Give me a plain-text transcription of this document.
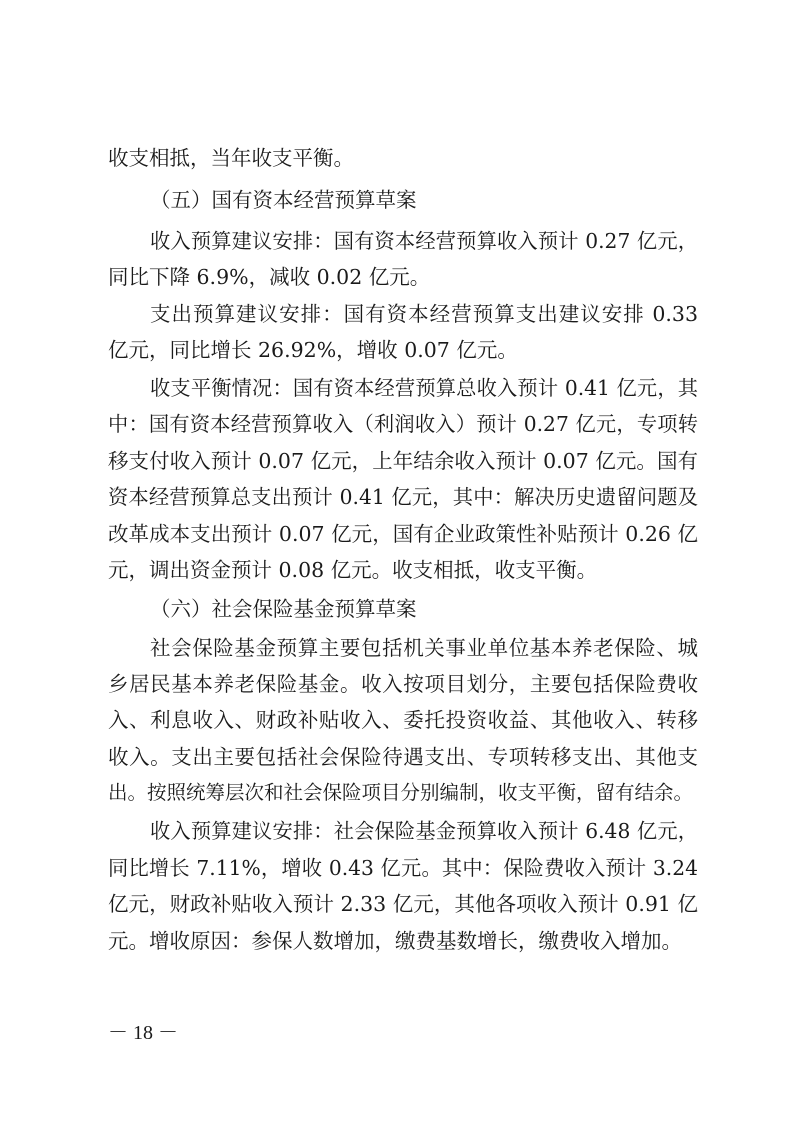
收支相抵，当年收支平衡。
（五）国有资本经营预算草案
收入预算建议安排：国有资本经营预算收入预计 0.27 亿元，
同比下降 6.9%，减收 0.02 亿元。
支出预算建议安排：国有资本经营预算支出建议安排 0.33
亿元，同比增长 26.92%，增收 0.07 亿元。
收支平衡情况：国有资本经营预算总收入预计 0.41 亿元，其
中：国有资本经营预算收入（利润收入）预计 0.27 亿元，专项转
移支付收入预计 0.07 亿元，上年结余收入预计 0.07 亿元。国有
资本经营预算总支出预计 0.41 亿元，其中：解决历史遗留问题及
改革成本支出预计 0.07 亿元，国有企业政策性补贴预计 0.26 亿
元，调出资金预计 0.08 亿元。收支相抵，收支平衡。
（六）社会保险基金预算草案
社会保险基金预算主要包括机关事业单位基本养老保险、城
乡居民基本养老保险基金。收入按项目划分，主要包括保险费收
入、利息收入、财政补贴收入、委托投资收益、其他收入、转移
收入。支出主要包括社会保险待遇支出、专项转移支出、其他支
出。按照统筹层次和社会保险项目分别编制，收支平衡，留有结余。
收入预算建议安排：社会保险基金预算收入预计 6.48 亿元，
同比增长 7.11%，增收 0.43 亿元。其中：保险费收入预计 3.24
亿元，财政补贴收入预计 2.33 亿元，其他各项收入预计 0.91 亿
元。增收原因：参保人数增加，缴费基数增长，缴费收入增加。
－ 18 －
